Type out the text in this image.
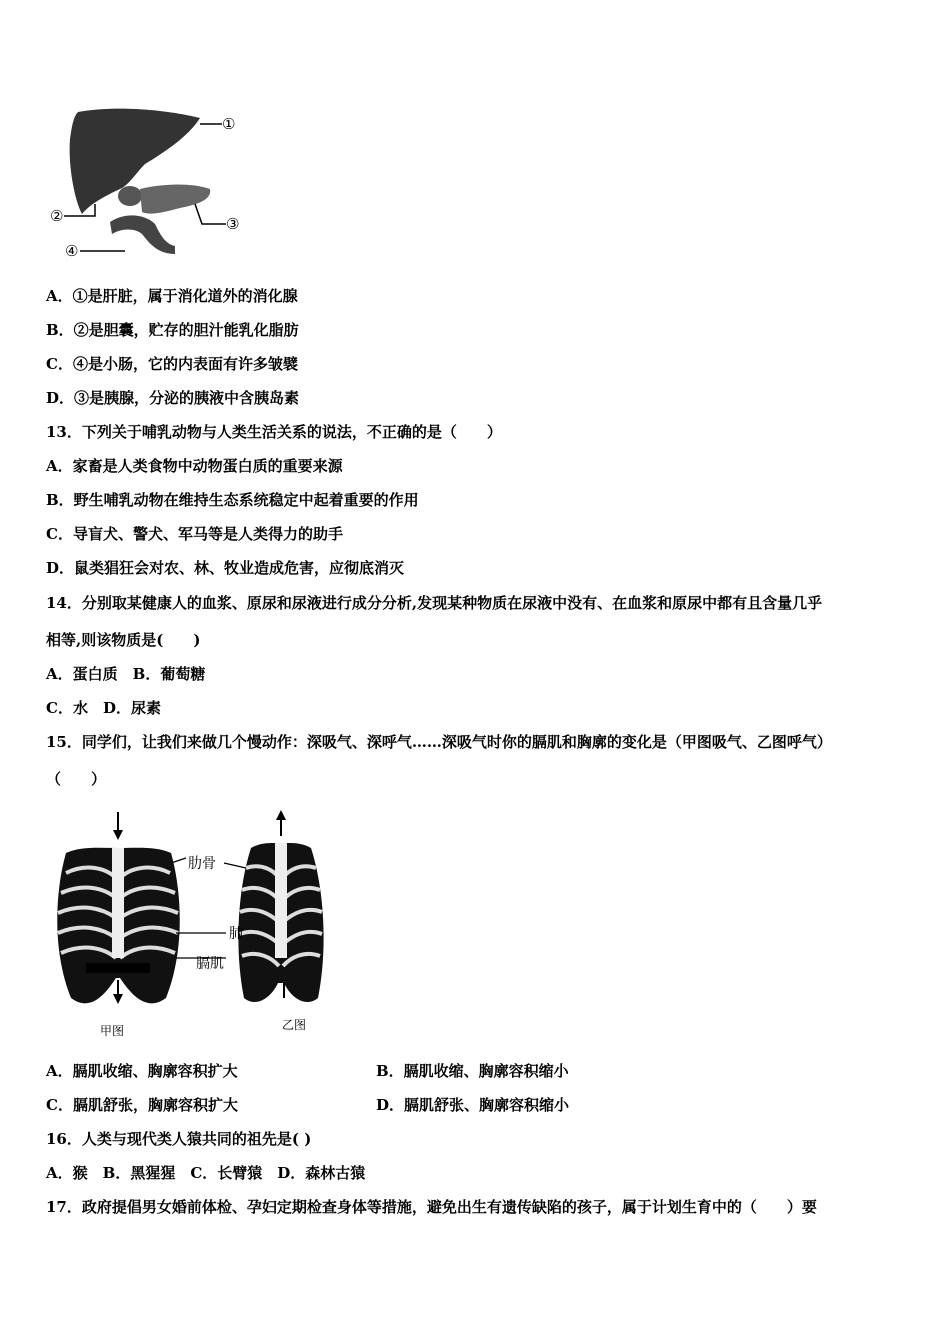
①
②	③
④
A．①是肝脏，属于消化道外的消化腺
B．②是胆囊，贮存的胆汁能乳化脂肪
C．④是小肠，它的内表面有许多皱襞
D．③是胰腺，分泌的胰液中含胰岛素
13．下列关于哺乳动物与人类生活关系的说法，不正确的是（　　）
A．家畜是人类食物中动物蛋白质的重要来源
B．野生哺乳动物在维持生态系统稳定中起着重要的作用
C．导盲犬、警犬、军马等是人类得力的助手
D．鼠类猖狂会对农、林、牧业造成危害，应彻底消灭
14．分别取某健康人的血浆、原尿和尿液进行成分分析,发现某种物质在尿液中没有、在血浆和原尿中都有且含量几乎
相等,则该物质是(　　)
A．蛋白质　B．葡萄糖
C．水　D．尿素
15．同学们，让我们来做几个慢动作：深吸气、深呼气……深吸气时你的膈肌和胸廓的变化是（甲图吸气、乙图呼气）
（　　）
肋骨
肺
膈肌
甲图	乙图
A．膈肌收缩、胸廓容积扩大	B．膈肌收缩、胸廓容积缩小
C．膈肌舒张，胸廓容积扩大	D．膈肌舒张、胸廓容积缩小
16．人类与现代类人猿共同的祖先是( )
A．猴　B．黑猩猩　C．长臂猿　D．森林古猿
17．政府提倡男女婚前体检、孕妇定期检查身体等措施，避免出生有遗传缺陷的孩子，属于计划生育中的（　　）要
